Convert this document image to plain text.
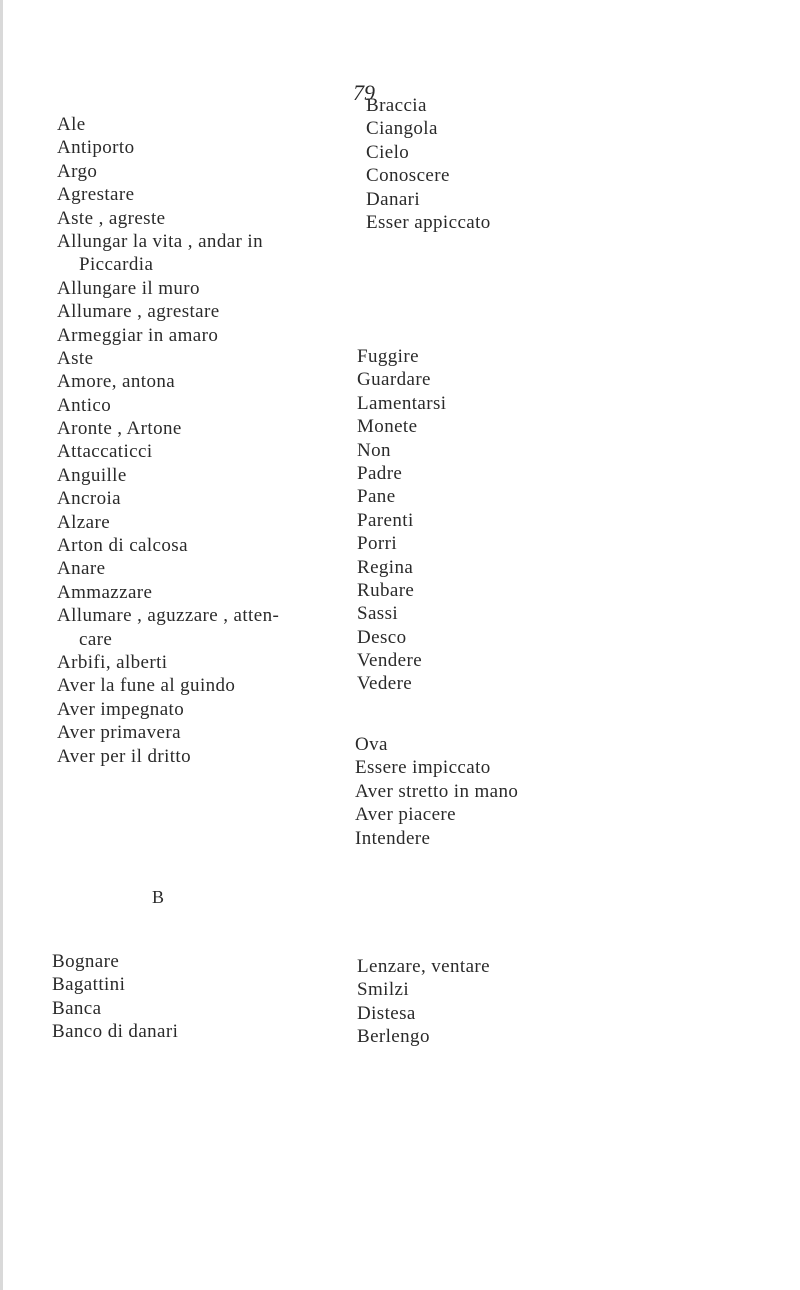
79
Ale
Antiporto
Argo
Agrestare
Aste , agreste
Allungar la vita , andar in
Piccardia
Allungare il muro
Allumare , agrestare
Armeggiar in amaro
Aste
Amore, antona
Antico
Aronte , Artone
Attaccaticci
Anguille
Ancroia
Alzare
Arton di calcosa
Anare
Ammazzare
Allumare , aguzzare , atten-
care
Arbifi, alberti
Aver la fune al guindo
Aver impegnato
Aver primavera
Aver per il dritto
Braccia
Ciangola
Cielo
Conoscere
Danari
Esser appiccato
Fuggire
Guardare
Lamentarsi
Monete
Non
Padre
Pane
Parenti
Porri
Regina
Rubare
Sassi
Desco
Vendere
Vedere
Ova
Essere impiccato
Aver stretto in mano
Aver piacere
Intendere
B
Bognare
Bagattini
Banca
Banco di danari
Lenzare, ventare
Smilzi
Distesa
Berlengo
